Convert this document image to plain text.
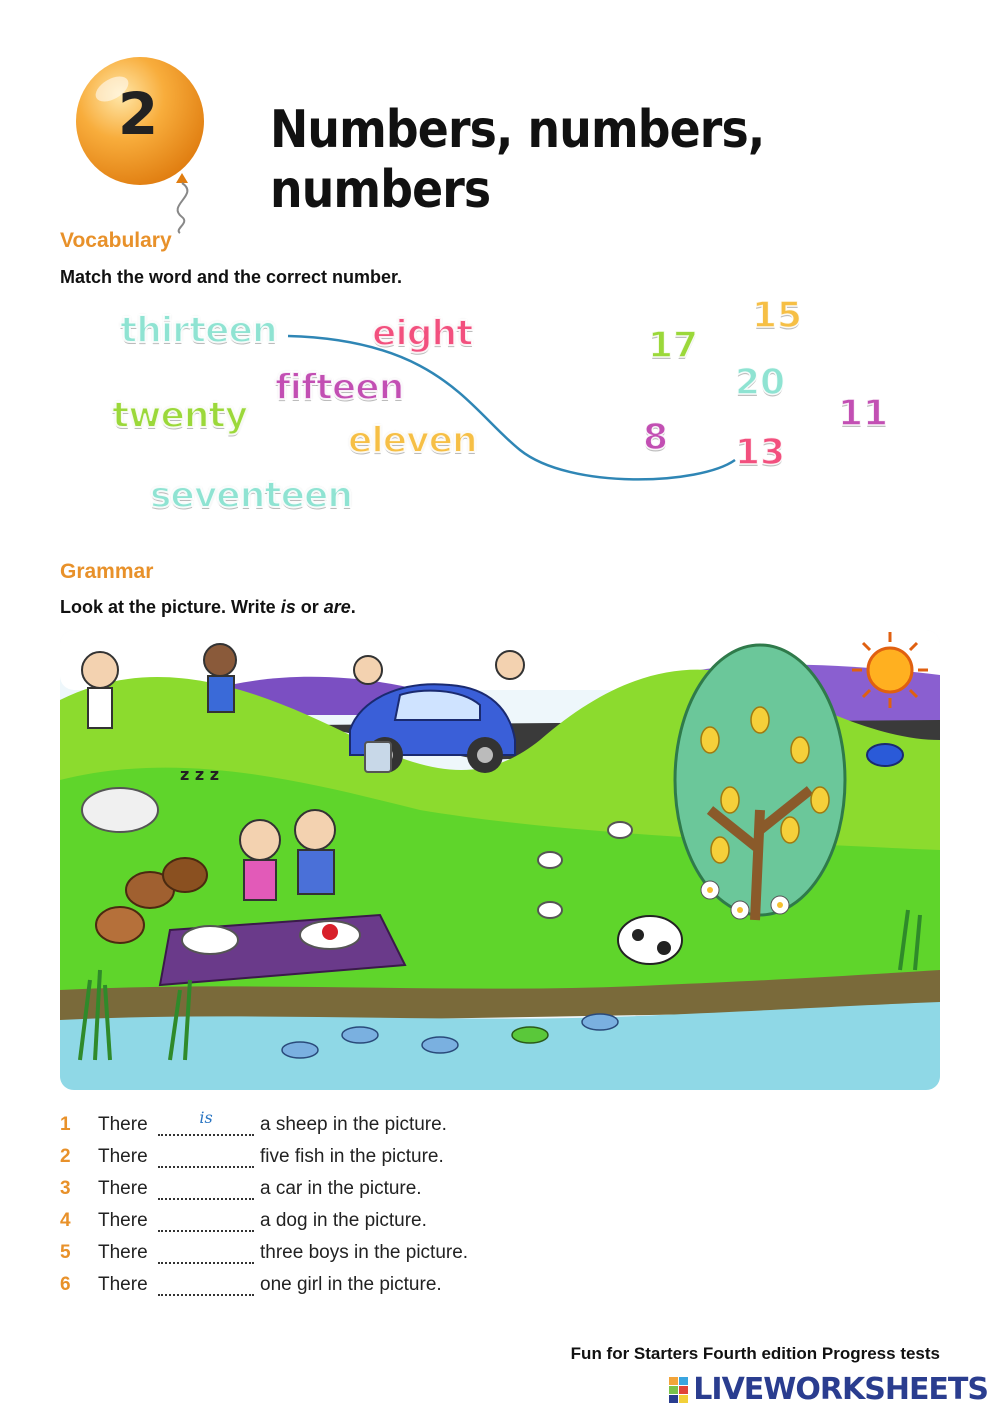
2	Numbers, numbers, numbers
Vocabulary
Match the word and the correct number.
thirteen	eight
fifteen
twenty
eleven
seventeen
15
17
20
11
8 13
Grammar
Look at the picture. Write is or are.
z z z
1 There	is	a sheep in the picture.
2 There	five fish in the picture.
3 There	a car in the picture.
4 There	a dog in the picture.
5 There	three boys in the picture.
6 There	one girl in the picture.
Fun for Starters Fourth edition Progress tests
LIVEWORKSHEETS
